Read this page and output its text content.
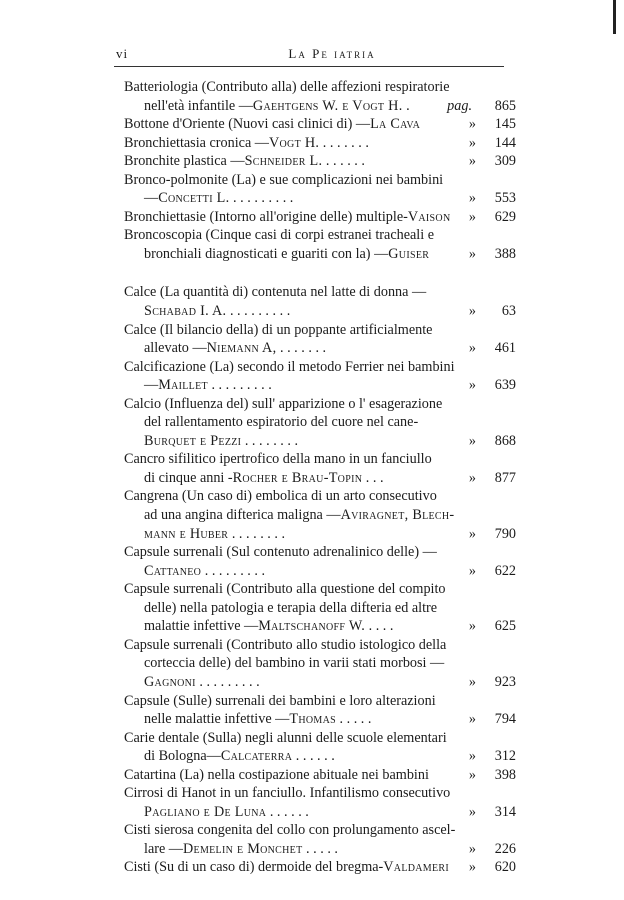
vi	La Pe iatria
Batteriologia (Contributo alla) delle affezioni respiratorie
nell'età infantile —Gaehtgens W. e Vogt H. .	pag. 865
Bottone d'Oriente (Nuovi casi clinici di) —La Cava	» 145
Bronchiettasia cronica —Vogt H. . . . . . . .	» 144
Bronchite plastica —Schneider L. . . . . . .	» 309
Bronco-polmonite (La) e sue complicazioni nei bambini
—Concetti L. . . . . . . . . .	» 553
Bronchiettasie (Intorno all'origine delle) multiple-Vaison » 629
Broncoscopia (Cinque casi di corpi estranei tracheali e
bronchiali diagnosticati e guariti con la) —Guiser	» 388
Calce (La quantità di) contenuta nel latte di donna —
Schabad I. A. . . . . . . . . .	» 63
Calce (Il bilancio della) di un poppante artificialmente
allevato —Niemann A, . . . . . . .	» 461
Calcificazione (La) secondo il metodo Ferrier nei bambini
—Maillet . . . . . . . . .	» 639
Calcio (Influenza del) sull' apparizione o l' esagerazione
del rallentamento espiratorio del cuore nel cane-
Burquet e Pezzi . . . . . . . .	» 868
Cancro sifilitico ipertrofico della mano in un fanciullo
di cinque anni -Rocher e Brau-Topin . . .	» 877
Cangrena (Un caso di) embolica di un arto consecutivo
ad una angina difterica maligna —
Aviragnet, Blech-
mann e Huber . . . . . . . .	» 790
Capsule surrenali (Sul contenuto adrenalinico delle) —
Cattaneo . . . . . . . . .	» 622
Capsule surrenali (Contributo alla questione del compito
delle) nella patologia e terapia della difteria ed altre
malattie infettive —Maltschanoff W. . . . .	» 625
Capsule surrenali (Contributo allo studio istologico della
corteccia delle) del bambino in varii stati morbosi —
Gagnoni . . . . . . . . .	» 923
Capsule (Sulle) surrenali dei bambini e loro alterazioni
nelle malattie infettive —Thomas . . . . .	» 794
Carie dentale (Sulla) negli alunni delle scuole elementari
di Bologna—Calcaterra . . . . . .	» 312
Catartina (La) nella costipazione abituale nei bambini	» 398
Cirrosi di Hanot in un fanciullo. Infantilismo consecutivo
Pagliano e De Luna . . . . . .	» 314
Cisti sierosa congenita del collo con prolungamento ascel-
lare —Demelin e Monchet . . . . .	» 226
Cisti (Su di un caso di) dermoide del bregma-Valdameri » 620
